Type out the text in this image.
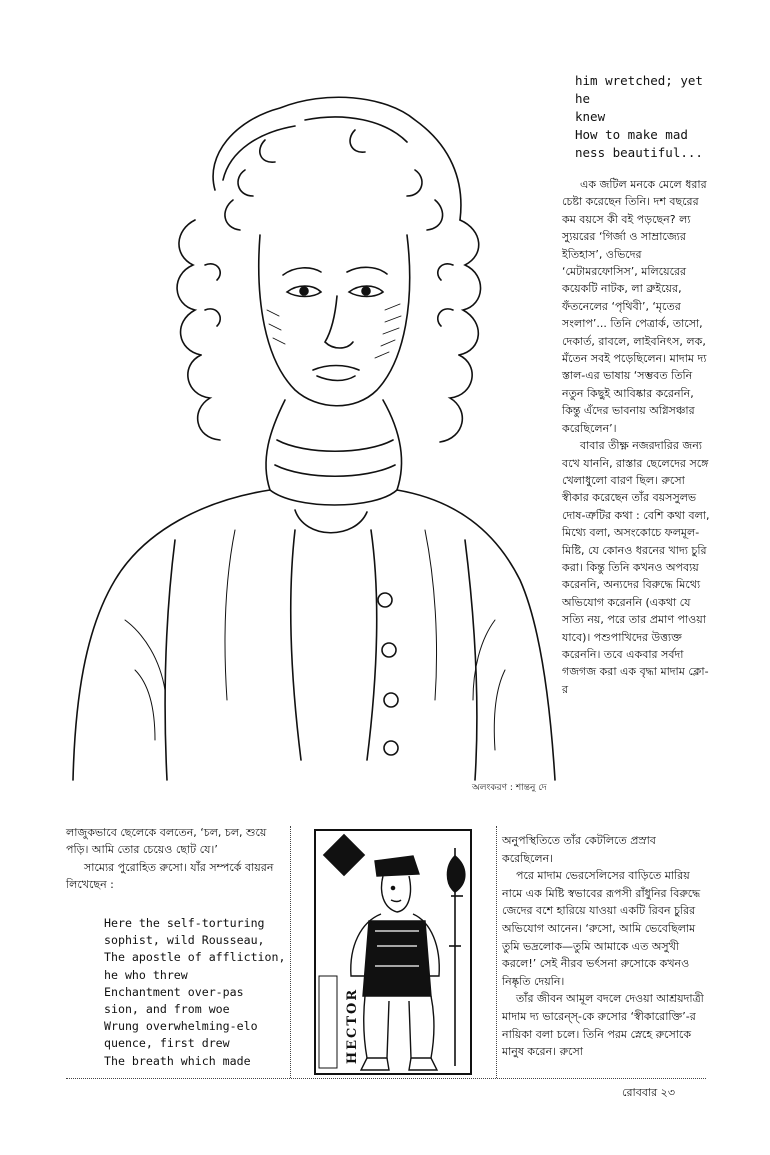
অলংকরণ : শান্তনু দে
him wretched; yet
he
knew
How to make mad
ness beautiful...

এক জটিল মনকে মেলে ধরার চেষ্টা করেছেন তিনি। দশ বছরের কম বয়সে কী বই পড়ছেন? ল্য স্যুয়রের ‘গির্জা ও সাম্রাজ্যের ইতিহাস’, ওভিদের ‘মেটামরফোসিস’, মলিয়েরের কয়েকটি নাটক, লা ব্রুইয়ের, ফঁতনেলের ‘পৃথিবী’, ‘মৃতের সংলাপ’... তিনি পেত্রার্ক, তাসো, দেকার্ত, রাবলে, লাইবনিৎস, লক, মঁতেন সবই পড়েছিলেন। মাদাম দ্য স্তাল-এর ভাষায় ‘সম্ভবত তিনি নতুন কিছুই আবিষ্কার করেননি, কিন্তু এঁদের ভাবনায় অগ্নিসঞ্চার করেছিলেন’।

বাবার তীক্ষ্ণ নজরদারির জন্য বখে যাননি, রাস্তার ছেলেদের সঙ্গে খেলাধুলো বারণ ছিল। রুসো স্বীকার করেছেন তাঁর বয়সসুলভ দোষ-ত্রুটির কথা : বেশি কথা বলা, মিথ্যে বলা, অসংকোচে ফলমূল-মিষ্টি, যে কোনও ধরনের খাদ্য চুরি করা। কিন্তু তিনি কখনও অপব্যয় করেননি, অন্যদের বিরুদ্ধে মিথ্যে অভিযোগ করেননি (একথা যে সত্যি নয়, পরে তার প্রমাণ পাওয়া যাবে)। পশুপাখিদের উত্ত্যক্ত করেননি। তবে একবার সর্বদা গজগজ করা এক বৃদ্ধা মাদাম ক্লো-র

লাজুকভাবে ছেলেকে বলতেন, ‘চল, চল, শুয়ে পড়ি। আমি তোর চেয়েও ছোট যে।’

সাম্যের পুরোহিত রুসো। যাঁর সম্পর্কে বায়রন লিখেছেন :

Here the self-torturing
sophist, wild Rousseau,
The apostle of affliction,
he who threw
Enchantment over-pas
sion, and from woe
Wrung overwhelming-elo
quence, first drew
The breath which made	HECTOR

অনুপস্থিতিতে তাঁর কেটলিতে প্রস্রাব করেছিলেন।

পরে মাদাম ভেরসেলিসের বাড়িতে মারিয় নামে এক মিষ্টি স্বভাবের রূপসী রাঁধুনির বিরুদ্ধে জেদের বশে হারিয়ে যাওয়া একটি রিবন চুরির অভিযোগ আনেন। ‘রুসো, আমি ভেবেছিলাম তুমি ভদ্রলোক—তুমি আমাকে এত অসুখী করলে!’ সেই নীরব ভর্ৎসনা রুসোকে কখনও নিষ্কৃতি দেয়নি।

তাঁর জীবন আমূল বদলে দেওয়া আশ্রয়দাত্রী মাদাম দ্য ভারেন্‌স্‌-কে রুসোর ‘স্বীকারোক্তি’-র নায়িকা বলা চলে। তিনি পরম স্নেহে রুসোকে মানুষ করেন। রুসো

রোববার ২৩
